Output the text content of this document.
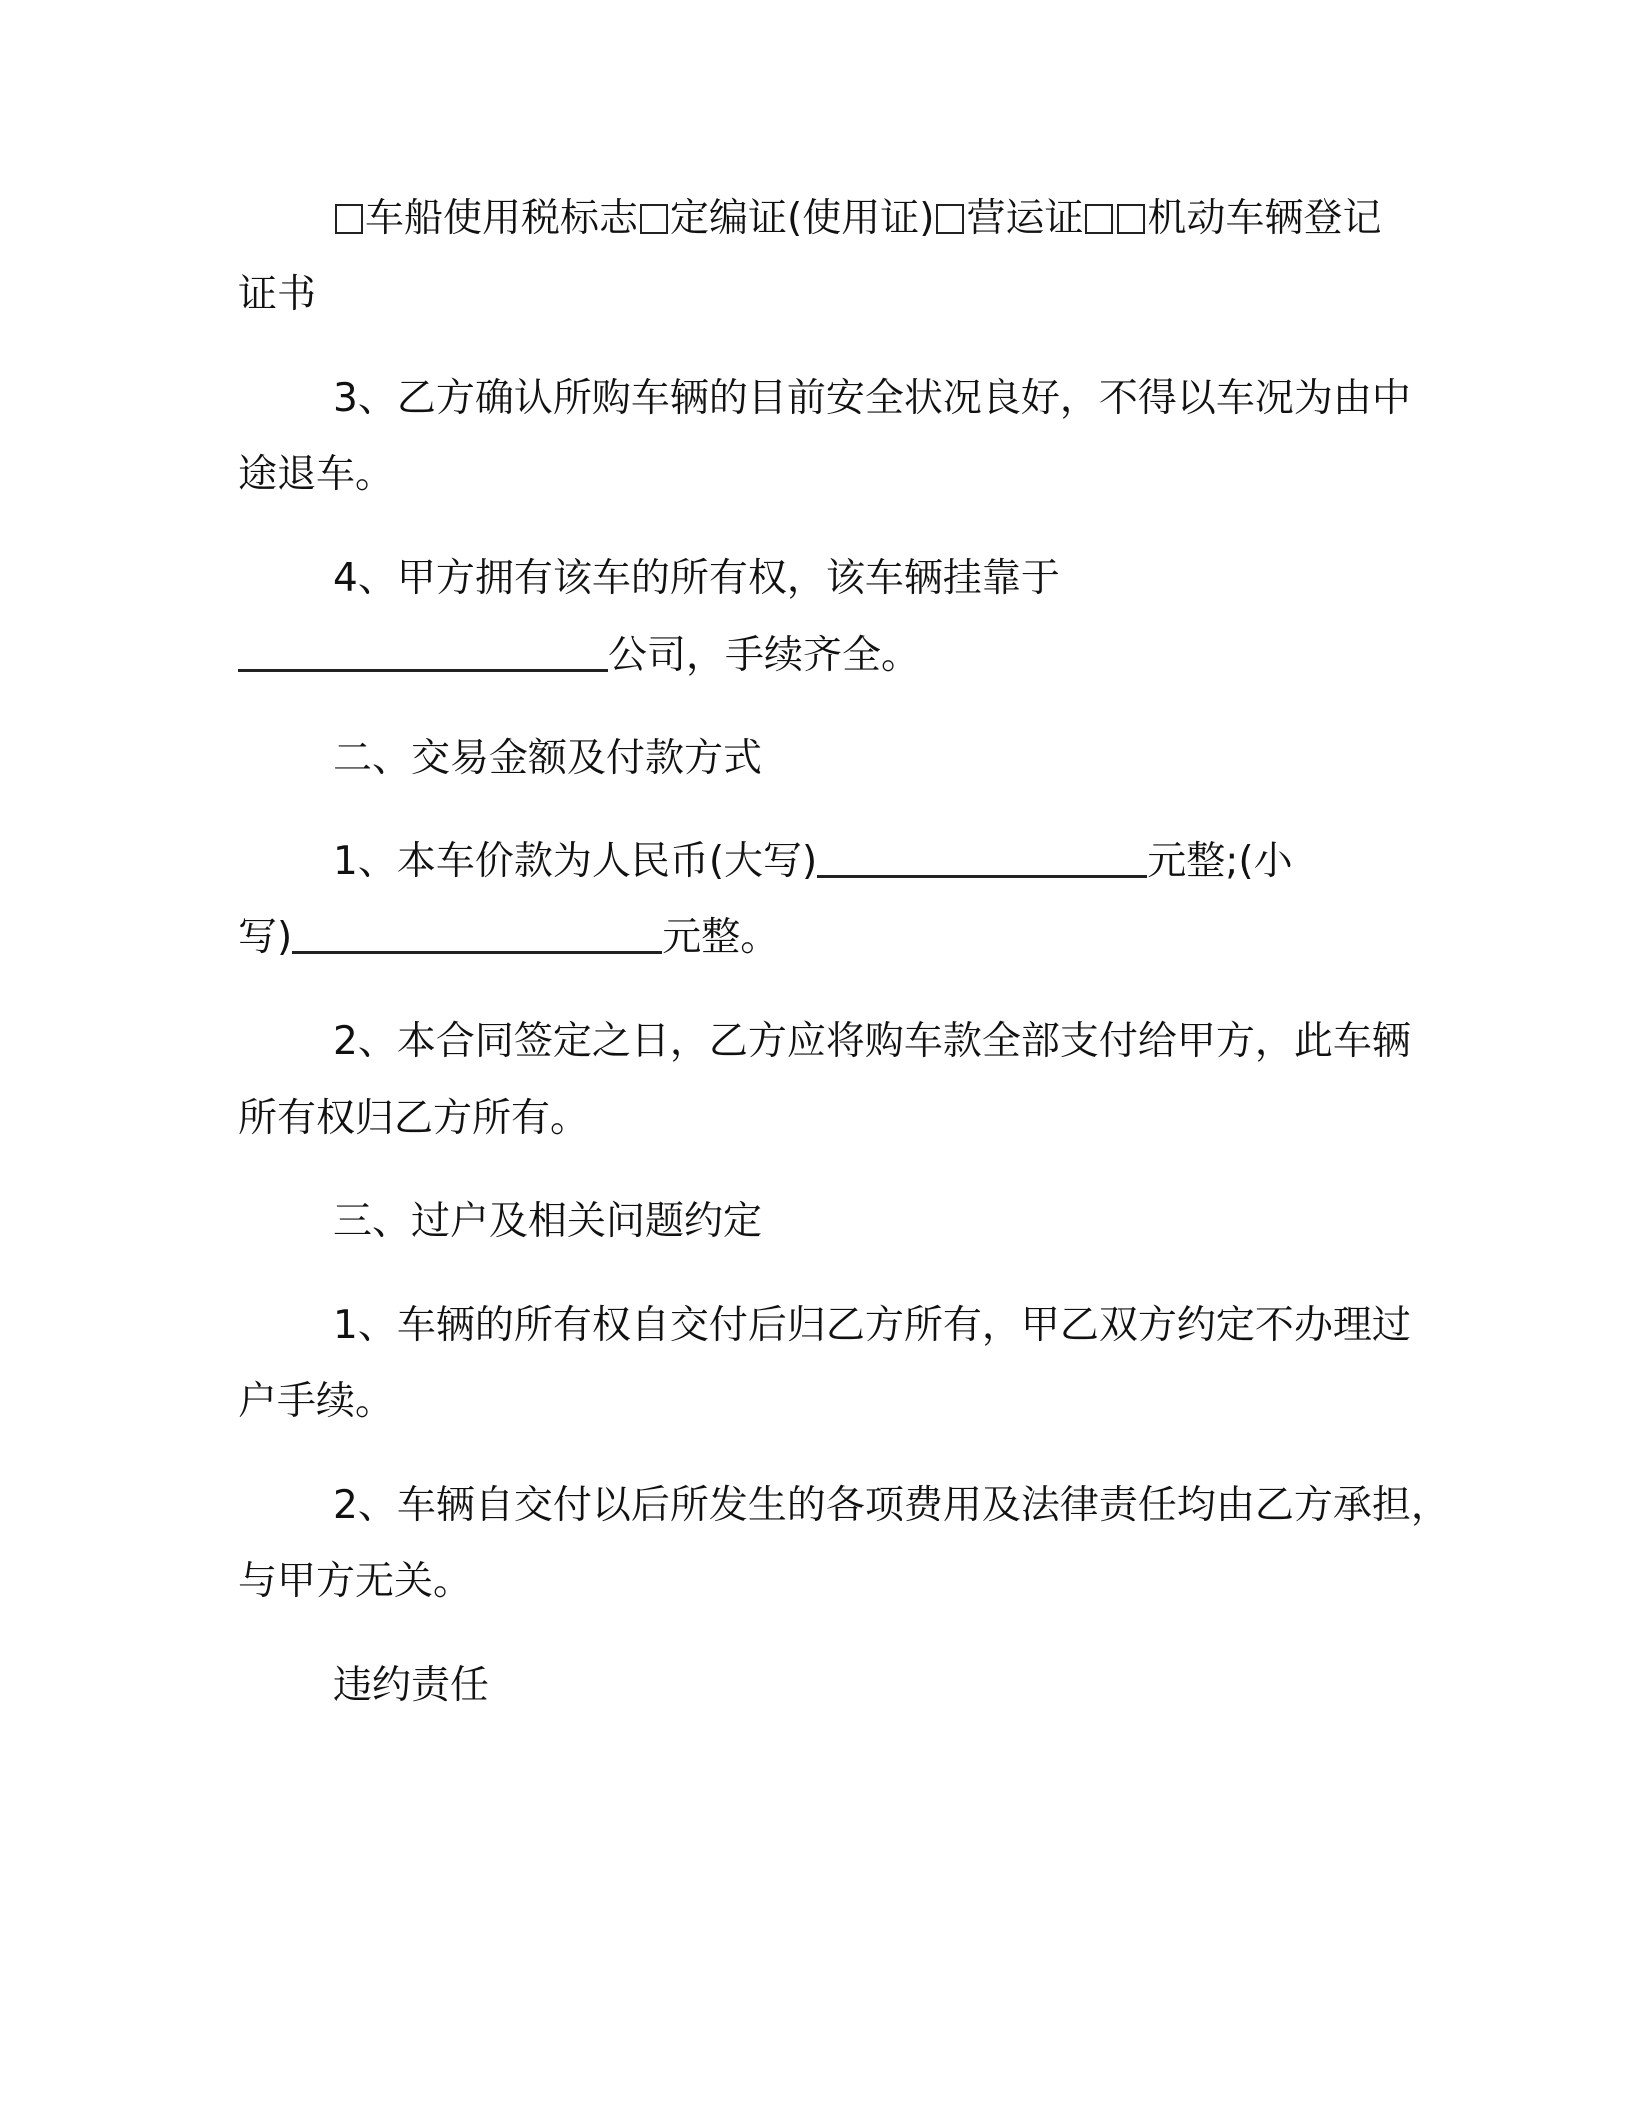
车船使用税标志 定编证(使用证) 营运证 机动车辆登记
证书
3、乙方确认所购车辆的目前安全状况良好，不得以车况为由中
途退车。
4、甲方拥有该车的所有权，该车辆挂靠于
公司，手续齐全。
二、交易金额及付款方式
1、本车价款为人民币(大写)	元整;(小
写)	元整。
2、本合同签定之日，乙方应将购车款全部支付给甲方，此车辆
所有权归乙方所有。
三、过户及相关问题约定
1、车辆的所有权自交付后归乙方所有，甲乙双方约定不办理过
户手续。
2、车辆自交付以后所发生的各项费用及法律责任均由乙方承担，
与甲方无关。
违约责任
